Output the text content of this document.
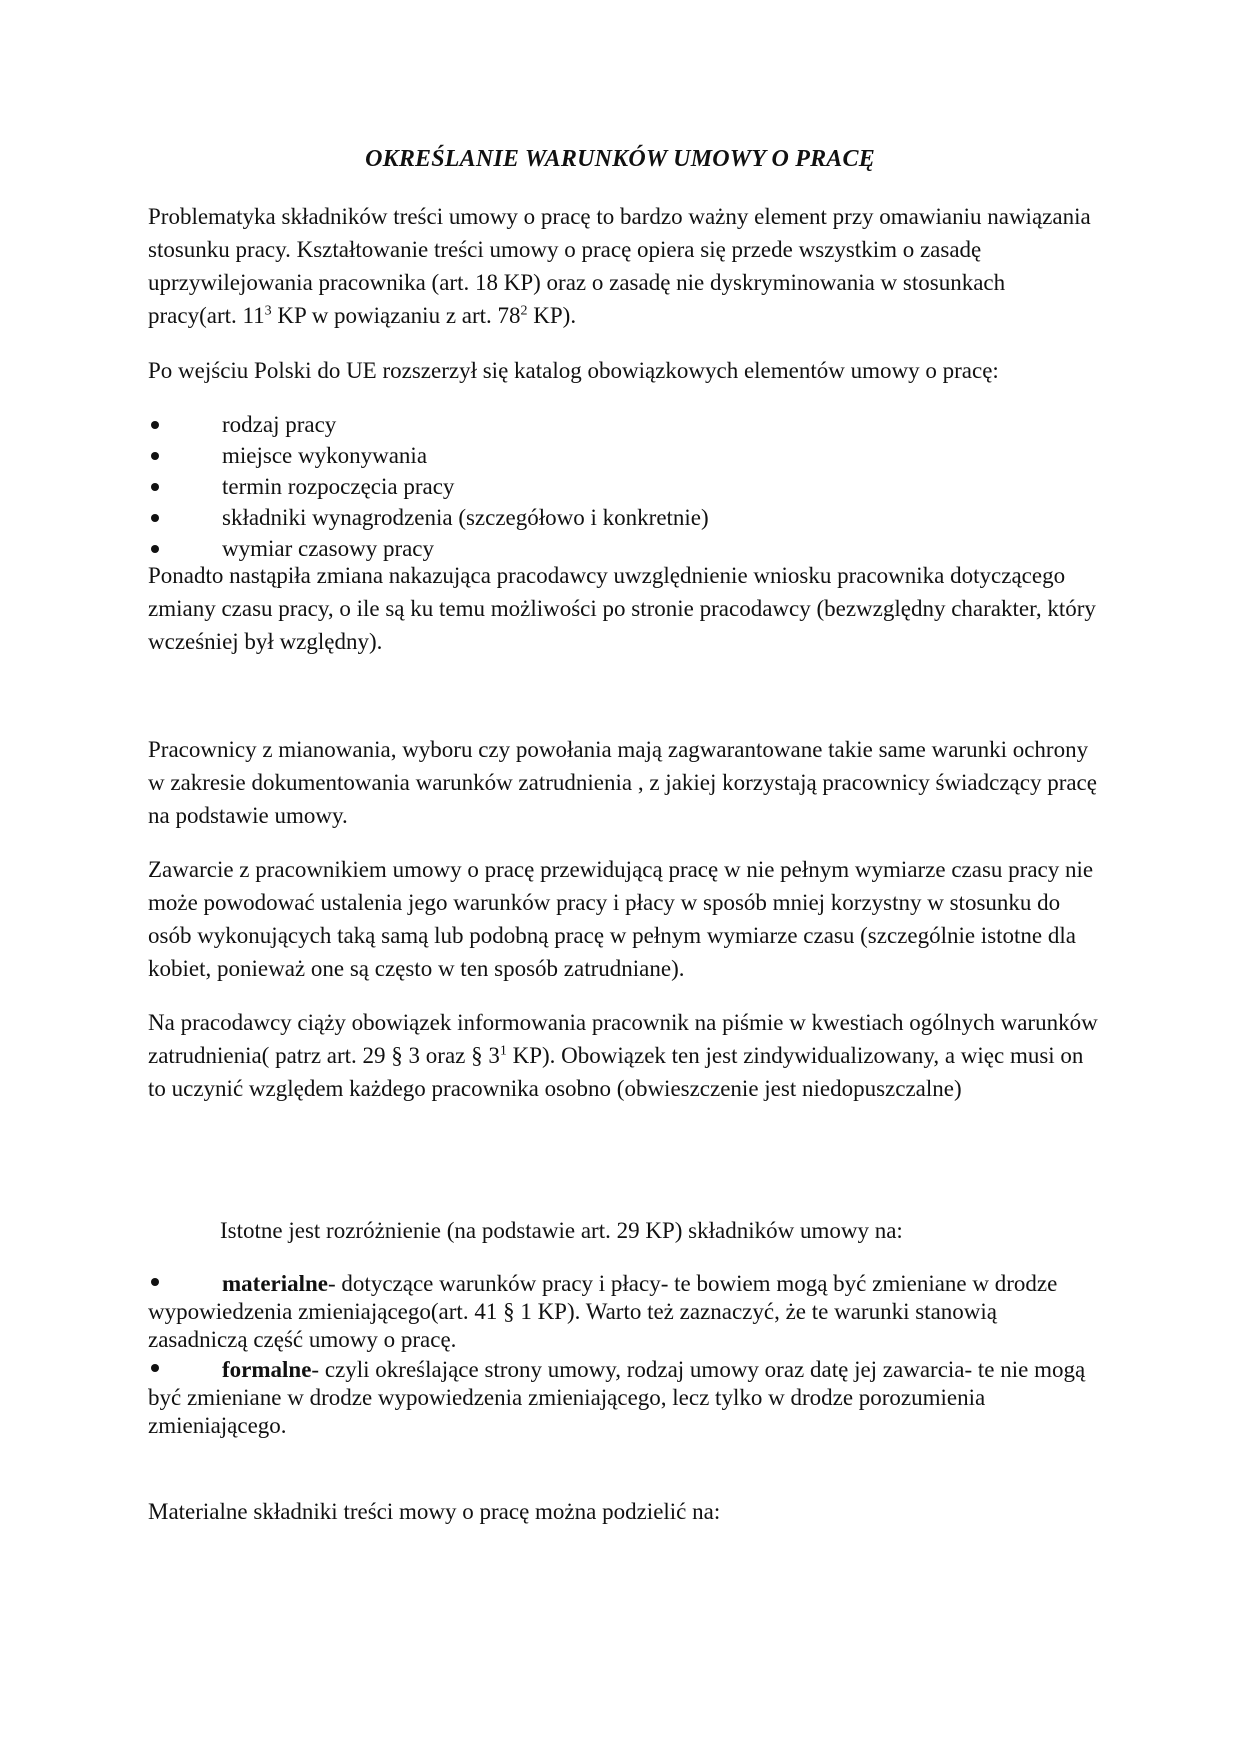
OKREŚLANIE WARUNKÓW UMOWY O PRACĘ

Problematyka składników treści umowy o pracę to bardzo ważny element przy omawianiu nawiązania stosunku pracy. Kształtowanie treści umowy o pracę opiera się przede wszystkim o zasadę uprzywilejowania pracownika (art. 18 KP) oraz o zasadę nie dyskryminowania w stosunkach pracy(art. $11^3$ KP w powiązaniu z art. $78^2$ KP).

Po wejściu Polski do UE rozszerzył się katalog obowiązkowych elementów umowy o pracę:

rodzaj pracy
miejsce wykonywania
termin rozpoczęcia pracy
składniki wynagrodzenia (szczegółowo i konkretnie)
wymiar czasowy pracy

Ponadto nastąpiła zmiana nakazująca pracodawcy uwzględnienie wniosku pracownika dotyczącego zmiany czasu pracy, o ile są ku temu możliwości po stronie pracodawcy (bezwzględny charakter, który wcześniej był względny).

Pracownicy z mianowania, wyboru czy powołania mają zagwarantowane takie same warunki ochrony w zakresie dokumentowania warunków zatrudnienia , z jakiej korzystają pracownicy świadczący pracę na podstawie umowy.

Zawarcie z pracownikiem umowy o pracę przewidującą pracę w nie pełnym wymiarze czasu pracy nie może powodować ustalenia jego warunków pracy i płacy w sposób mniej korzystny w stosunku do osób wykonujących taką samą lub podobną pracę w pełnym wymiarze czasu (szczególnie istotne dla kobiet, ponieważ one są często w ten sposób zatrudniane).

Na pracodawcy ciąży obowiązek informowania pracownik na piśmie w kwestiach ogólnych warunków zatrudnienia( patrz art. 29 § 3 oraz § $3^1$ KP). Obowiązek ten jest zindywidualizowany, a więc musi on to uczynić względem każdego pracownika osobno (obwieszczenie jest niedopuszczalne)

Istotne jest rozróżnienie (na podstawie art. 29 KP) składników umowy na:

materialne- dotyczące warunków pracy i płacy- te bowiem mogą być zmieniane w drodze wypowiedzenia zmieniającego(art. 41 § 1 KP). Warto też zaznaczyć, że te warunki stanowią zasadniczą część umowy o pracę.

formalne- czyli określające strony umowy, rodzaj umowy oraz datę jej zawarcia- te nie mogą być zmieniane w drodze wypowiedzenia zmieniającego, lecz tylko w drodze porozumienia zmieniającego.

Materialne składniki treści mowy o pracę można podzielić na:
